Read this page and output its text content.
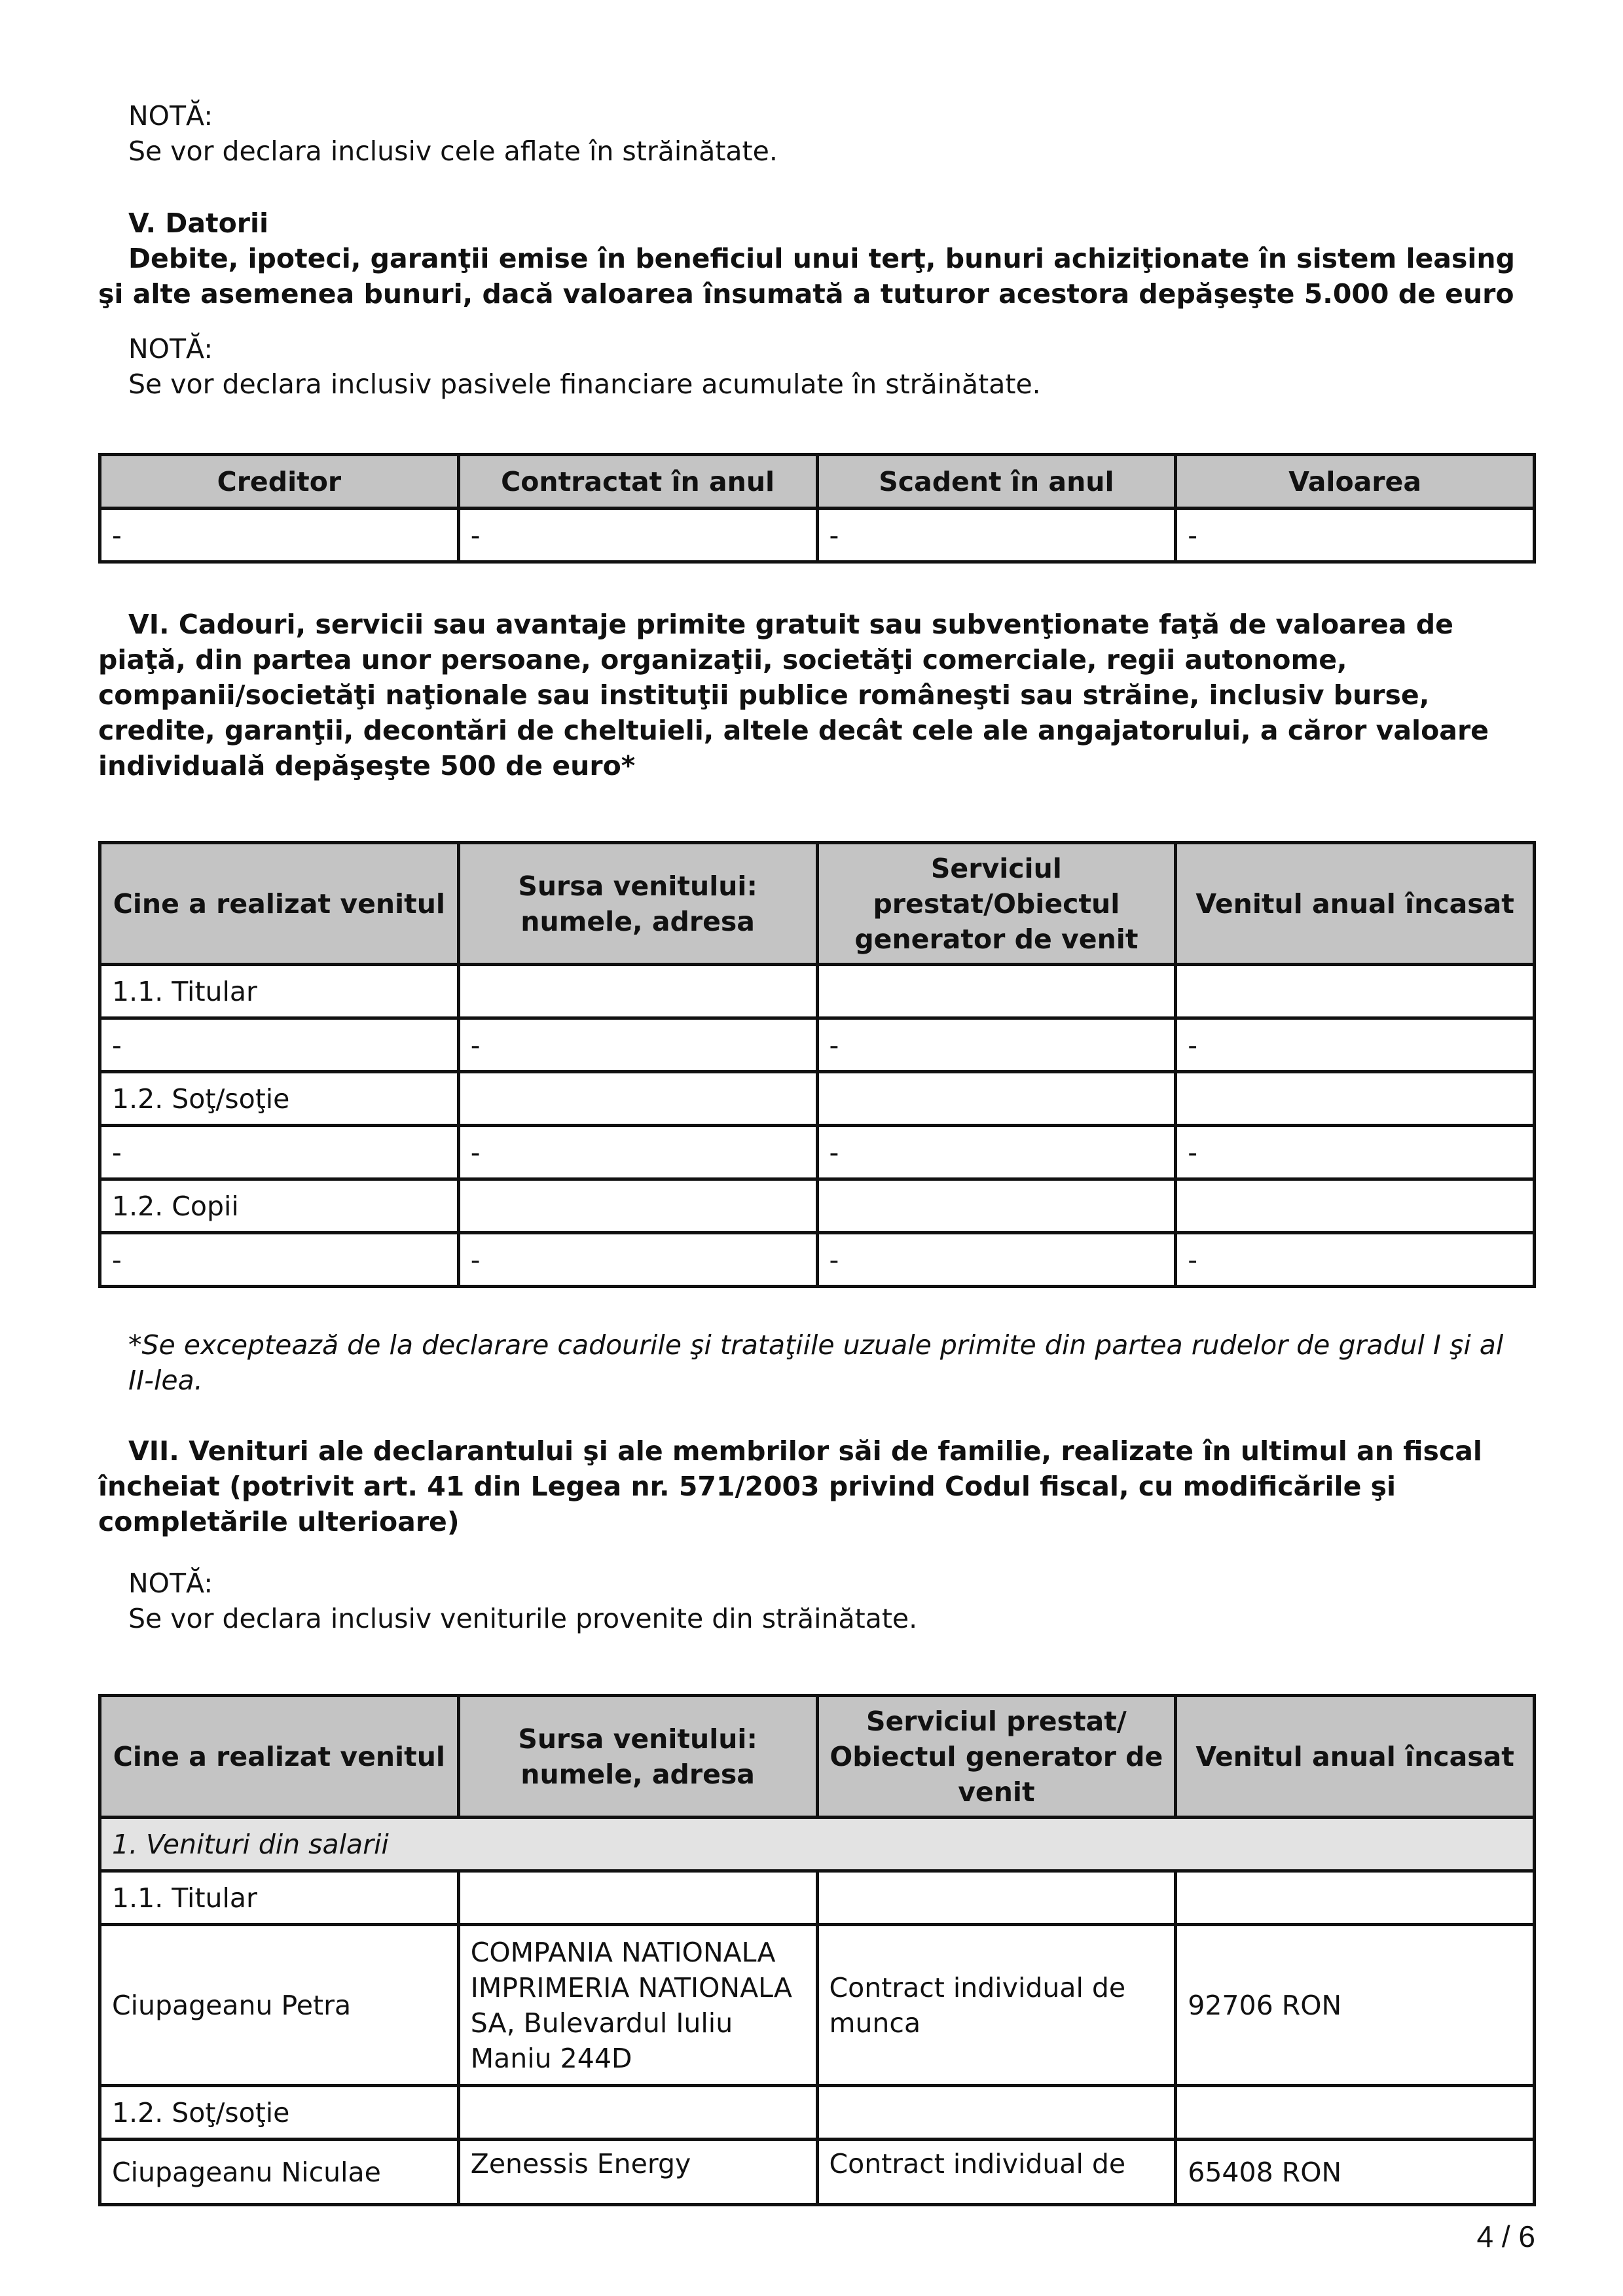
NOTĂ:

Se vor declara inclusiv cele aflate în străinătate.

V. Datorii

Debite, ipoteci, garanţii emise în beneficiul unui terţ, bunuri achiziţionate în sistem leasing şi alte asemenea bunuri, dacă valoarea însumată a tuturor acestora depăşeşte 5.000 de euro

NOTĂ:

Se vor declara inclusiv pasivele financiare acumulate în străinătate.

Creditor	Contractat în anul	Scadent în anul	Valoarea
-	-	-	-

VI. Cadouri, servicii sau avantaje primite gratuit sau subvenţionate faţă de valoarea de piaţă, din partea unor persoane, organizaţii, societăţi comerciale, regii autonome, companii/societăţi naţionale sau instituţii publice româneşti sau străine, inclusiv burse, credite, garanţii, decontări de cheltuieli, altele decât cele ale angajatorului, a căror valoare individuală depăşeşte 500 de euro*

Cine a realizat venitul	Sursa venitului: numele, adresa	Serviciul prestat/Obiectul generator de venit	Venitul anual încasat
1.1. Titular			
-	-	-	-
1.2. Soţ/soţie			
-	-	-	-
1.2. Copii			
-	-	-	-

*Se exceptează de la declarare cadourile şi trataţiile uzuale primite din partea rudelor de gradul I şi al II-lea.

VII. Venituri ale declarantului şi ale membrilor săi de familie, realizate în ultimul an fiscal încheiat (potrivit art. 41 din Legea nr. 571/2003 privind Codul fiscal, cu modificările şi completările ulterioare)

NOTĂ:

Se vor declara inclusiv veniturile provenite din străinătate.

Cine a realizat venitul	Sursa venitului: numele, adresa	Serviciul prestat/ Obiectul generator de venit	Venitul anual încasat
1. Venituri din salarii			
1.1. Titular			
Ciupageanu Petra	COMPANIA NATIONALA IMPRIMERIA NATIONALA SA, Bulevardul Iuliu Maniu 244D	Contract individual de munca	92706 RON
1.2. Soţ/soţie			
Ciupageanu Niculae	Zenessis Energy	Contract individual de	65408 RON
4 / 6
